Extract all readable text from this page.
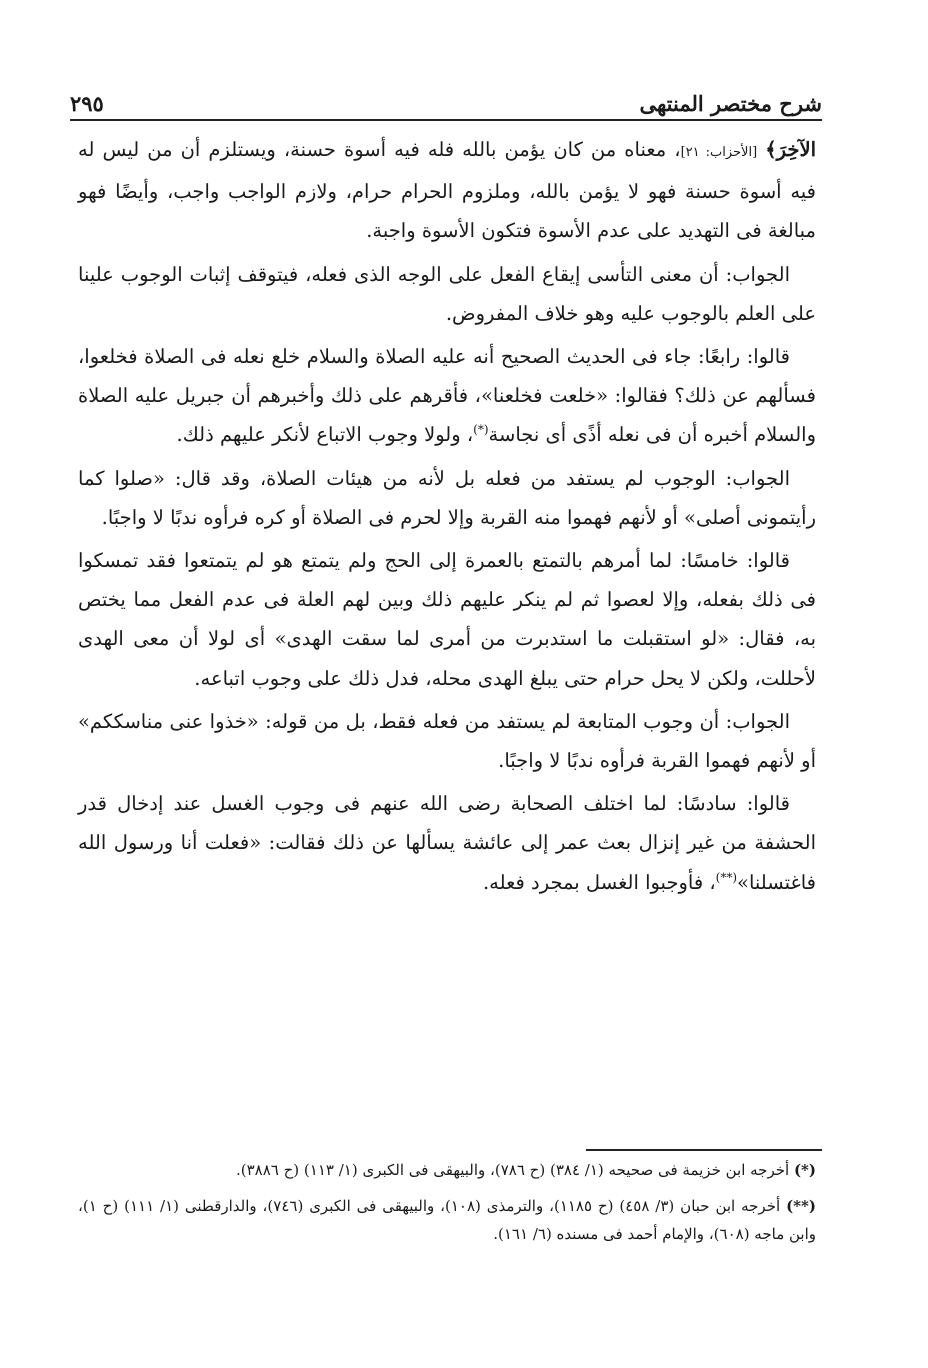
شرح مختصر المنتهى
٢٩٥

الآخِرَ﴾ [الأحزاب: ٢١]، معناه من كان يؤمن بالله فله فيه أسوة حسنة، ويستلزم أن من ليس له فيه أسوة حسنة فهو لا يؤمن بالله، وملزوم الحرام حرام، ولازم الواجب واجب، وأيضًا فهو مبالغة فى التهديد على عدم الأسوة فتكون الأسوة واجبة.

الجواب: أن معنى التأسى إيقاع الفعل على الوجه الذى فعله، فيتوقف إثبات الوجوب علينا على العلم بالوجوب عليه وهو خلاف المفروض.

قالوا: رابعًا: جاء فى الحديث الصحيح أنه عليه الصلاة والسلام خلع نعله فى الصلاة فخلعوا، فسألهم عن ذلك؟ فقالوا: «خلعت فخلعنا»، فأقرهم على ذلك وأخبرهم أن جبريل عليه الصلاة والسلام أخبره أن فى نعله أذًى أى نجاسة(*)، ولولا وجوب الاتباع لأنكر عليهم ذلك.

الجواب: الوجوب لم يستفد من فعله بل لأنه من هيئات الصلاة، وقد قال: «صلوا كما رأيتمونى أصلى» أو لأنهم فهموا منه القربة وإلا لحرم فى الصلاة أو كره فرأوه ندبًا لا واجبًا.

قالوا: خامسًا: لما أمرهم بالتمتع بالعمرة إلى الحج ولم يتمتع هو لم يتمتعوا فقد تمسكوا فى ذلك بفعله، وإلا لعصوا ثم لم ينكر عليهم ذلك وبين لهم العلة فى عدم الفعل مما يختص به، فقال: «لو استقبلت ما استدبرت من أمرى لما سقت الهدى» أى لولا أن معى الهدى لأحللت، ولكن لا يحل حرام حتى يبلغ الهدى محله، فدل ذلك على وجوب اتباعه.

الجواب: أن وجوب المتابعة لم يستفد من فعله فقط، بل من قوله: «خذوا عنى مناسككم» أو لأنهم فهموا القربة فرأوه ندبًا لا واجبًا.

قالوا: سادسًا: لما اختلف الصحابة رضى الله عنهم فى وجوب الغسل عند إدخال قدر الحشفة من غير إنزال بعث عمر إلى عائشة يسألها عن ذلك فقالت: «فعلت أنا ورسول الله فاغتسلنا»(**)، فأوجبوا الغسل بمجرد فعله.

(*) أخرجه ابن خزيمة فى صحيحه (١/ ٣٨٤) (ح ٧٨٦)، والبيهقى فى الكبرى (١/ ١١٣) (ح ٣٨٨٦).

(**) أخرجه ابن حبان (٣/ ٤٥٨) (ح ١١٨٥)، والترمذى (١٠٨)، والبيهقى فى الكبرى (٧٤٦)، والدارقطنى (١/ ١١١) (ح ١)، وابن ماجه (٦٠٨)، والإمام أحمد فى مسنده (٦/ ١٦١).
